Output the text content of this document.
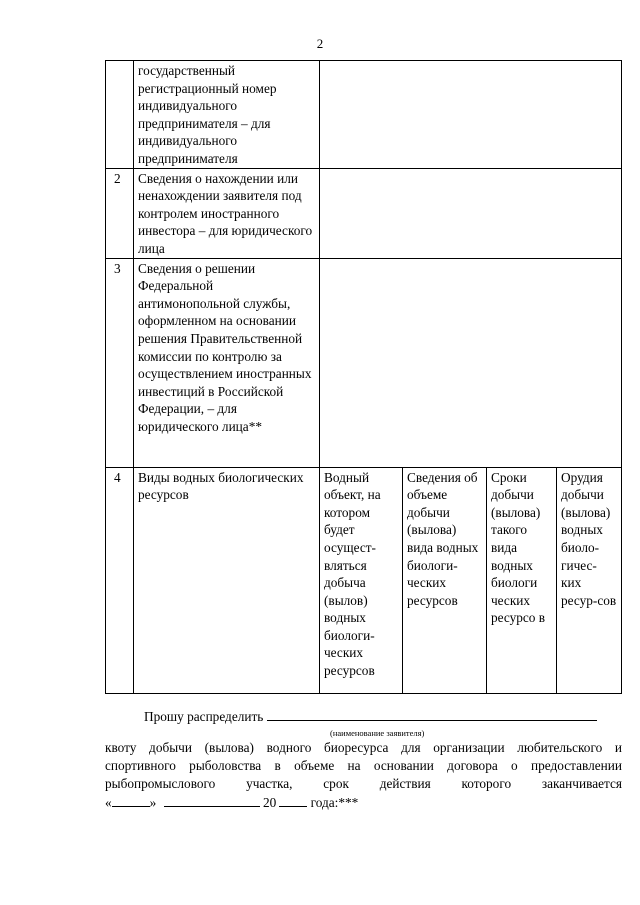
2
	государственный регистрационный номер индивидуального предпринимателя – для индивидуального предпринимателя				
2	Сведения о нахождении или ненахождении заявителя под контролем иностранного инвестора – для юридического лица				
3	Сведения о решении Федеральной антимонопольной службы, оформленном на основании решения Правительственной комиссии по контролю за осуществлением иностранных инвестиций в Российской Федерации, – для юридического лица**				
4	Виды водных биологических ресурсов	Водный объект, на котором будет осущест-вляться добыча (вылов) водных биологи-ческих ресурсов	Сведения об объеме добычи (вылова) вида водных биологи-ческих ресурсов	Сроки добычи (вылова) такого вида водных биологи ческих ресурсо в	Орудия добычи (вылова) водных биоло-гичес-ких ресур-сов
Прошу распределить
(наименование заявителя)
квоту добычи (вылова) водного биоресурса для организации любительского и
спортивного рыболовства в объеме на основании договора о предоставлении
рыбопромыслового участка, срок действия которого заканчивается
«	»	20	года:***
